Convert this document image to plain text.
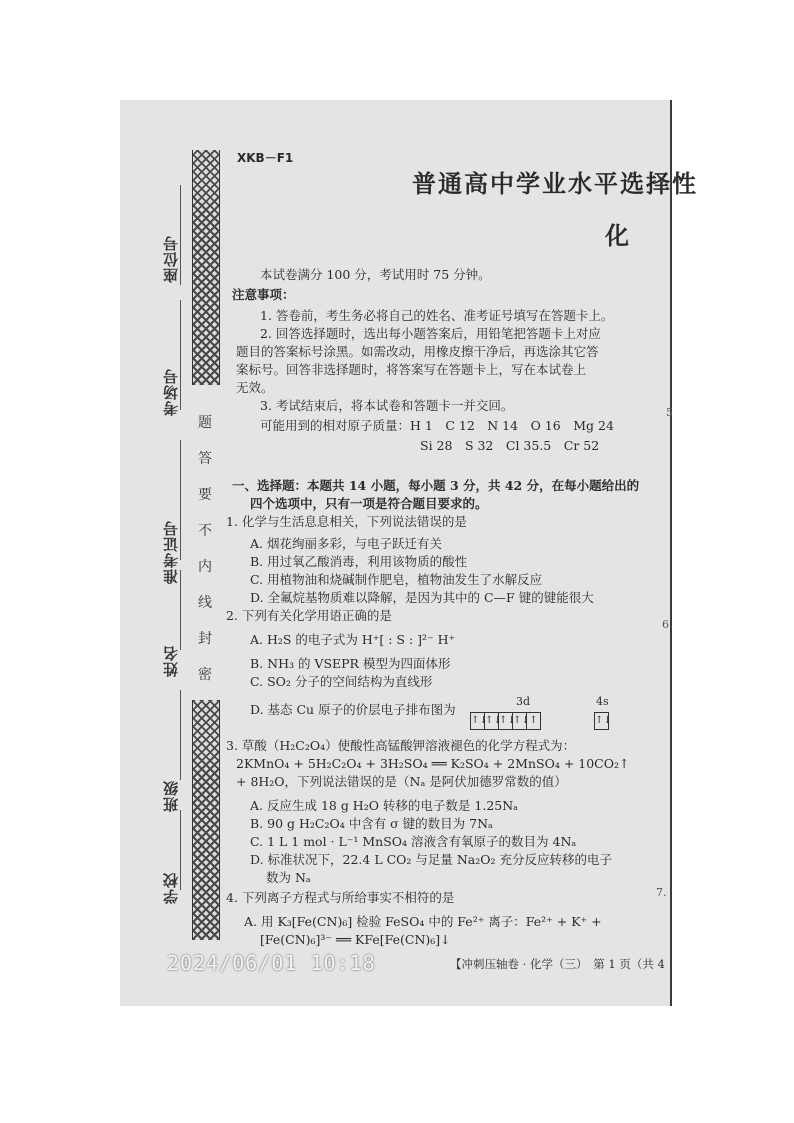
座位号
考场号
准考证号
姓名
班级
学校
题
答
要
不
内
线
封
密
XKB－F1
普通高中学业水平选择性
化
本试卷满分 100 分，考试用时 75 分钟。
注意事项：
1. 答卷前，考生务必将自己的姓名、准考证号填写在答题卡上。
2. 回答选择题时，选出每小题答案后，用铅笔把答题卡上对应
题目的答案标号涂黑。如需改动，用橡皮擦干净后，再选涂其它答
案标号。回答非选择题时，将答案写在答题卡上，写在本试卷上
无效。
3. 考试结束后，将本试卷和答题卡一并交回。
可能用到的相对原子质量：H 1　C 12　N 14　O 16　Mg 24
Si 28　S 32　Cl 35.5　Cr 52
一、选择题：本题共 14 小题，每小题 3 分，共 42 分，在每小题给出的
四个选项中，只有一项是符合题目要求的。
1. 化学与生活息息相关，下列说法错误的是
A. 烟花绚丽多彩，与电子跃迁有关
B. 用过氧乙酸消毒，利用该物质的酸性
C. 用植物油和烧碱制作肥皂，植物油发生了水解反应
D. 全氟烷基物质难以降解，是因为其中的 C—F 键的键能很大
2. 下列有关化学用语正确的是
A. H₂S 的电子式为 H⁺[ : S : ]²⁻ H⁺
B. NH₃ 的 VSEPR 模型为四面体形
C. SO₂ 分子的空间结构为直线形
D. 基态 Cu 原子的价层电子排布图为
3d	4s
↑↓
↑↓
↑↓
↑↓ ↑	↑↓
3. 草酸（H₂C₂O₄）使酸性高锰酸钾溶液褪色的化学方程式为：
2KMnO₄ + 5H₂C₂O₄ + 3H₂SO₄ ══ K₂SO₄ + 2MnSO₄ + 10CO₂↑
+ 8H₂O，下列说法错误的是（Nₐ 是阿伏加德罗常数的值）
A. 反应生成 18 g H₂O 转移的电子数是 1.25Nₐ
B. 90 g H₂C₂O₄ 中含有 σ 键的数目为 7Nₐ
C. 1 L 1 mol · L⁻¹ MnSO₄ 溶液含有氧原子的数目为 4Nₐ
D. 标准状况下，22.4 L CO₂ 与足量 Na₂O₂ 充分反应转移的电子
数为 Nₐ
4. 下列离子方程式与所给事实不相符的是
A. 用 K₃[Fe(CN)₆] 检验 FeSO₄ 中的 Fe²⁺ 离子：Fe²⁺ + K⁺ +
[Fe(CN)₆]³⁻ ══ KFe[Fe(CN)₆]↓
【冲刺压轴卷 · 化学（三）　第 1 页（共 4
5
6.
7.
2024/06/01 10:18
